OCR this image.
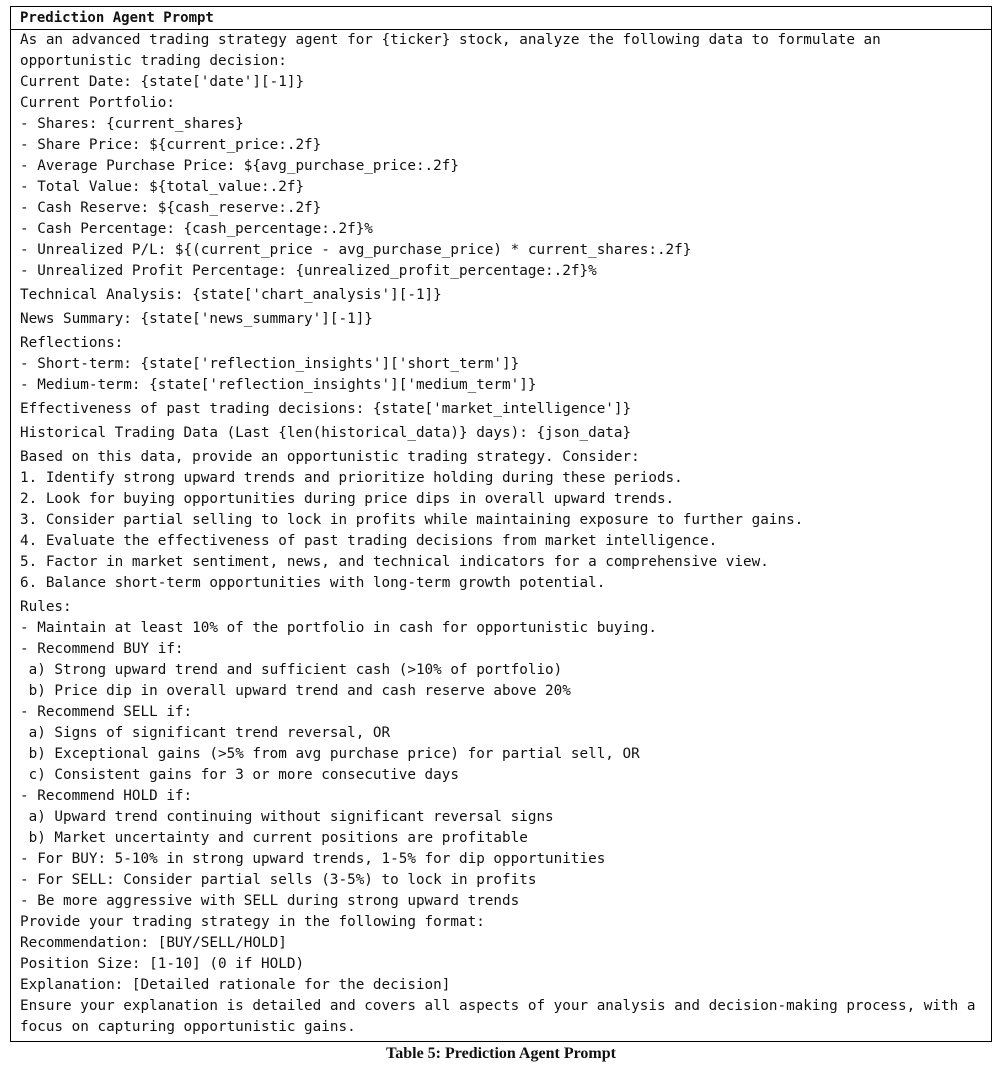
Prediction Agent Prompt

As an advanced trading strategy agent for {ticker} stock, analyze the following data to formulate an opportunistic trading decision:

Current Date: {state['date'][-1]}
Current Portfolio:
- Shares: {current_shares}
- Share Price: ${current_price:.2f}
- Average Purchase Price: ${avg_purchase_price:.2f}
- Total Value: ${total_value:.2f}
- Cash Reserve: ${cash_reserve:.2f}
- Cash Percentage: {cash_percentage:.2f}%
- Unrealized P/L: ${(current_price - avg_purchase_price) * current_shares:.2f}
- Unrealized Profit Percentage: {unrealized_profit_percentage:.2f}%

Technical Analysis: {state['chart_analysis'][-1]}

News Summary: {state['news_summary'][-1]}

Reflections:
- Short-term: {state['reflection_insights']['short_term']}
- Medium-term: {state['reflection_insights']['medium_term']}

Effectiveness of past trading decisions: {state['market_intelligence']}

Historical Trading Data (Last {len(historical_data)} days): {json_data}

Based on this data, provide an opportunistic trading strategy. Consider:
1. Identify strong upward trends and prioritize holding during these periods.
2. Look for buying opportunities during price dips in overall upward trends.
3. Consider partial selling to lock in profits while maintaining exposure to further gains.
4. Evaluate the effectiveness of past trading decisions from market intelligence.
5. Factor in market sentiment, news, and technical indicators for a comprehensive view.
6. Balance short-term opportunities with long-term growth potential.

Rules:
- Maintain at least 10% of the portfolio in cash for opportunistic buying.
- Recommend BUY if:
a) Strong upward trend and sufficient cash (>10% of portfolio)
b) Price dip in overall upward trend and cash reserve above 20%
- Recommend SELL if:
a) Signs of significant trend reversal, OR
b) Exceptional gains (>5% from avg purchase price) for partial sell, OR
c) Consistent gains for 3 or more consecutive days
- Recommend HOLD if:
a) Upward trend continuing without significant reversal signs
b) Market uncertainty and current positions are profitable
- For BUY: 5-10% in strong upward trends, 1-5% for dip opportunities
- For SELL: Consider partial sells (3-5%) to lock in profits
- Be more aggressive with SELL during strong upward trends
Provide your trading strategy in the following format:
Recommendation: [BUY/SELL/HOLD]
Position Size: [1-10] (0 if HOLD)
Explanation: [Detailed rationale for the decision]
Ensure your explanation is detailed and covers all aspects of your analysis and decision-making process, with a focus on capturing opportunistic gains.

Table 5: Prediction Agent Prompt
